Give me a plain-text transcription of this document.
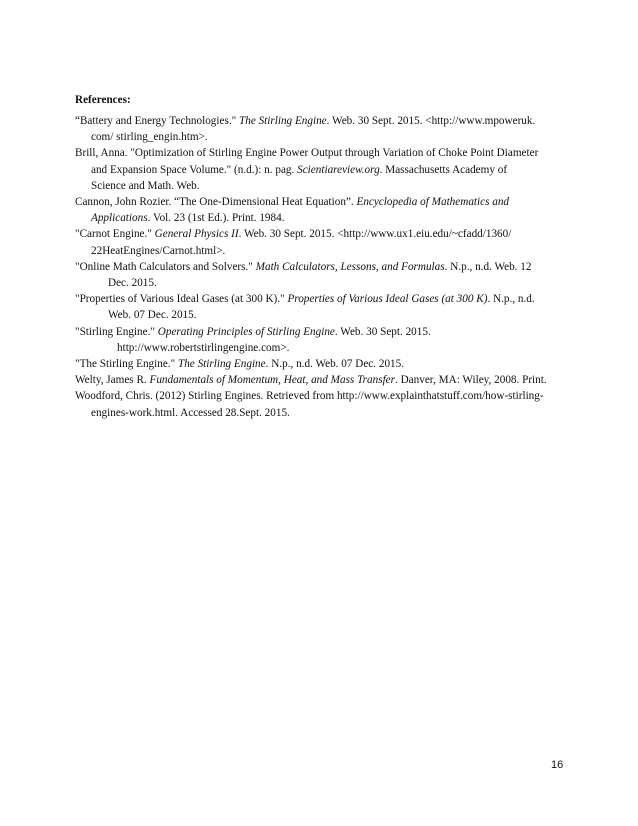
References:
“Battery and Energy Technologies." The Stirling Engine. Web. 30 Sept. 2015. <http://www.mpoweruk.
com/ stirling_engin.htm>.
Brill, Anna. "Optimization of Stirling Engine Power Output through Variation of Choke Point Diameter
and Expansion Space Volume." (n.d.): n. pag. Scientiareview.org. Massachusetts Academy of
Science and Math. Web.
Cannon, John Rozier. “The One-Dimensional Heat Equation”. Encyclopedia of Mathematics and
Applications. Vol. 23 (1st Ed.). Print. 1984.
"Carnot Engine." General Physics II. Web. 30 Sept. 2015. <http://www.ux1.eiu.edu/~cfadd/1360/
22HeatEngines/Carnot.html>.
"Online Math Calculators and Solvers." Math Calculators, Lessons, and Formulas. N.p., n.d. Web. 12
Dec. 2015.
"Properties of Various Ideal Gases (at 300 K)." Properties of Various Ideal Gases (at 300 K). N.p., n.d.
Web. 07 Dec. 2015.
"Stirling Engine." Operating Principles of Stirling Engine. Web. 30 Sept. 2015.
http://www.robertstirlingengine.com>.
"The Stirling Engine." The Stirling Engine. N.p., n.d. Web. 07 Dec. 2015.
Welty, James R. Fundamentals of Momentum, Heat, and Mass Transfer. Danver, MA: Wiley, 2008. Print.
Woodford, Chris. (2012) Stirling Engines. Retrieved from http://www.explainthatstuff.com/how-stirling-
engines-work.html. Accessed 28.Sept. 2015.
16
